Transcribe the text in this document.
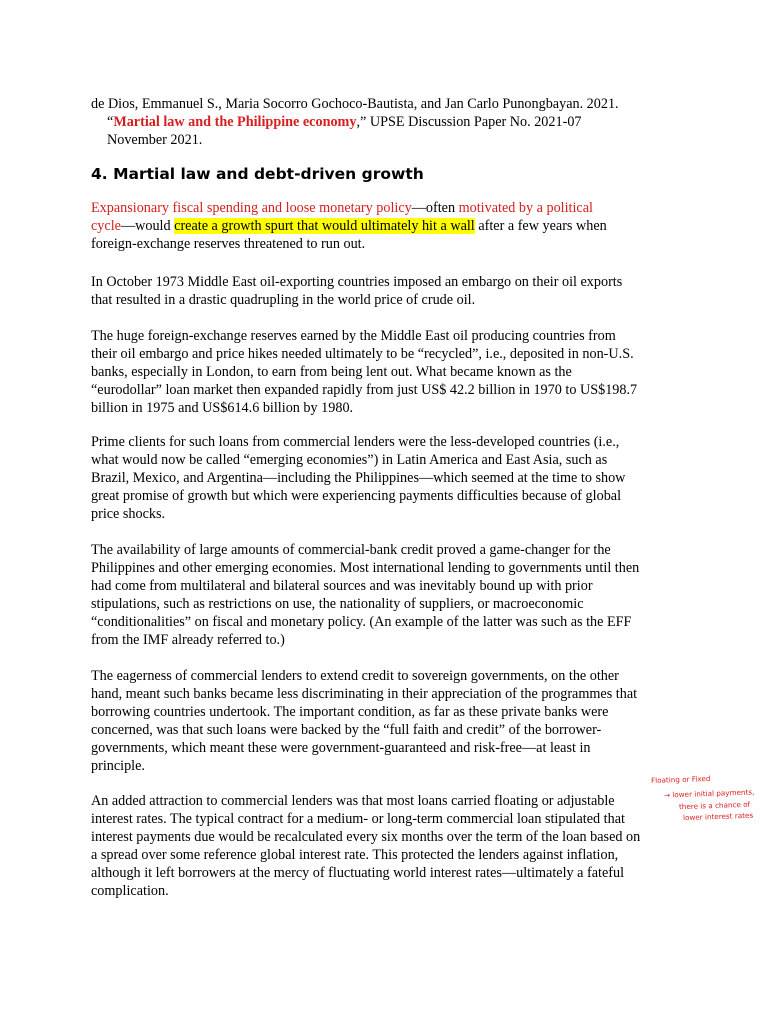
de Dios, Emmanuel S., Maria Socorro Gochoco-Bautista, and Jan Carlo Punongbayan. 2021.
“Martial law and the Philippine economy,” UPSE Discussion Paper No. 2021-07
November 2021.
4. Martial law and debt-driven growth

Expansionary fiscal spending and loose monetary policy—often motivated by a political
cycle—would create a growth spurt that would ultimately hit a wall after a few years when
foreign-exchange reserves threatened to run out.

In October 1973 Middle East oil-exporting countries imposed an embargo on their oil exports
that resulted in a drastic quadrupling in the world price of crude oil.

The huge foreign-exchange reserves earned by the Middle East oil producing countries from
their oil embargo and price hikes needed ultimately to be “recycled”, i.e., deposited in non-U.S.
banks, especially in London, to earn from being lent out. What became known as the
“eurodollar” loan market then expanded rapidly from just US$ 42.2 billion in 1970 to US$198.7
billion in 1975 and US$614.6 billion by 1980.

Prime clients for such loans from commercial lenders were the less-developed countries (i.e.,
what would now be called “emerging economies”) in Latin America and East Asia, such as
Brazil, Mexico, and Argentina—including the Philippines—which seemed at the time to show
great promise of growth but which were experiencing payments difficulties because of global
price shocks.

The availability of large amounts of commercial-bank credit proved a game-changer for the
Philippines and other emerging economies. Most international lending to governments until then
had come from multilateral and bilateral sources and was inevitably bound up with prior
stipulations, such as restrictions on use, the nationality of suppliers, or macroeconomic
“conditionalities” on fiscal and monetary policy. (An example of the latter was such as the EFF
from the IMF already referred to.)

The eagerness of commercial lenders to extend credit to sovereign governments, on the other
hand, meant such banks became less discriminating in their appreciation of the programmes that
borrowing countries undertook. The important condition, as far as these private banks were
concerned, was that such loans were backed by the “full faith and credit” of the borrower-
governments, which meant these were government-guaranteed and risk-free—at least in
principle.

An added attraction to commercial lenders was that most loans carried floating or adjustable
interest rates. The typical contract for a medium- or long-term commercial loan stipulated that
interest payments due would be recalculated every six months over the term of the loan based on
a spread over some reference global interest rate. This protected the lenders against inflation,
although it left borrowers at the mercy of fluctuating world interest rates—ultimately a fateful
complication.

Floating or Fixed
→ lower initial payments,
there is a chance of
lower interest rates
